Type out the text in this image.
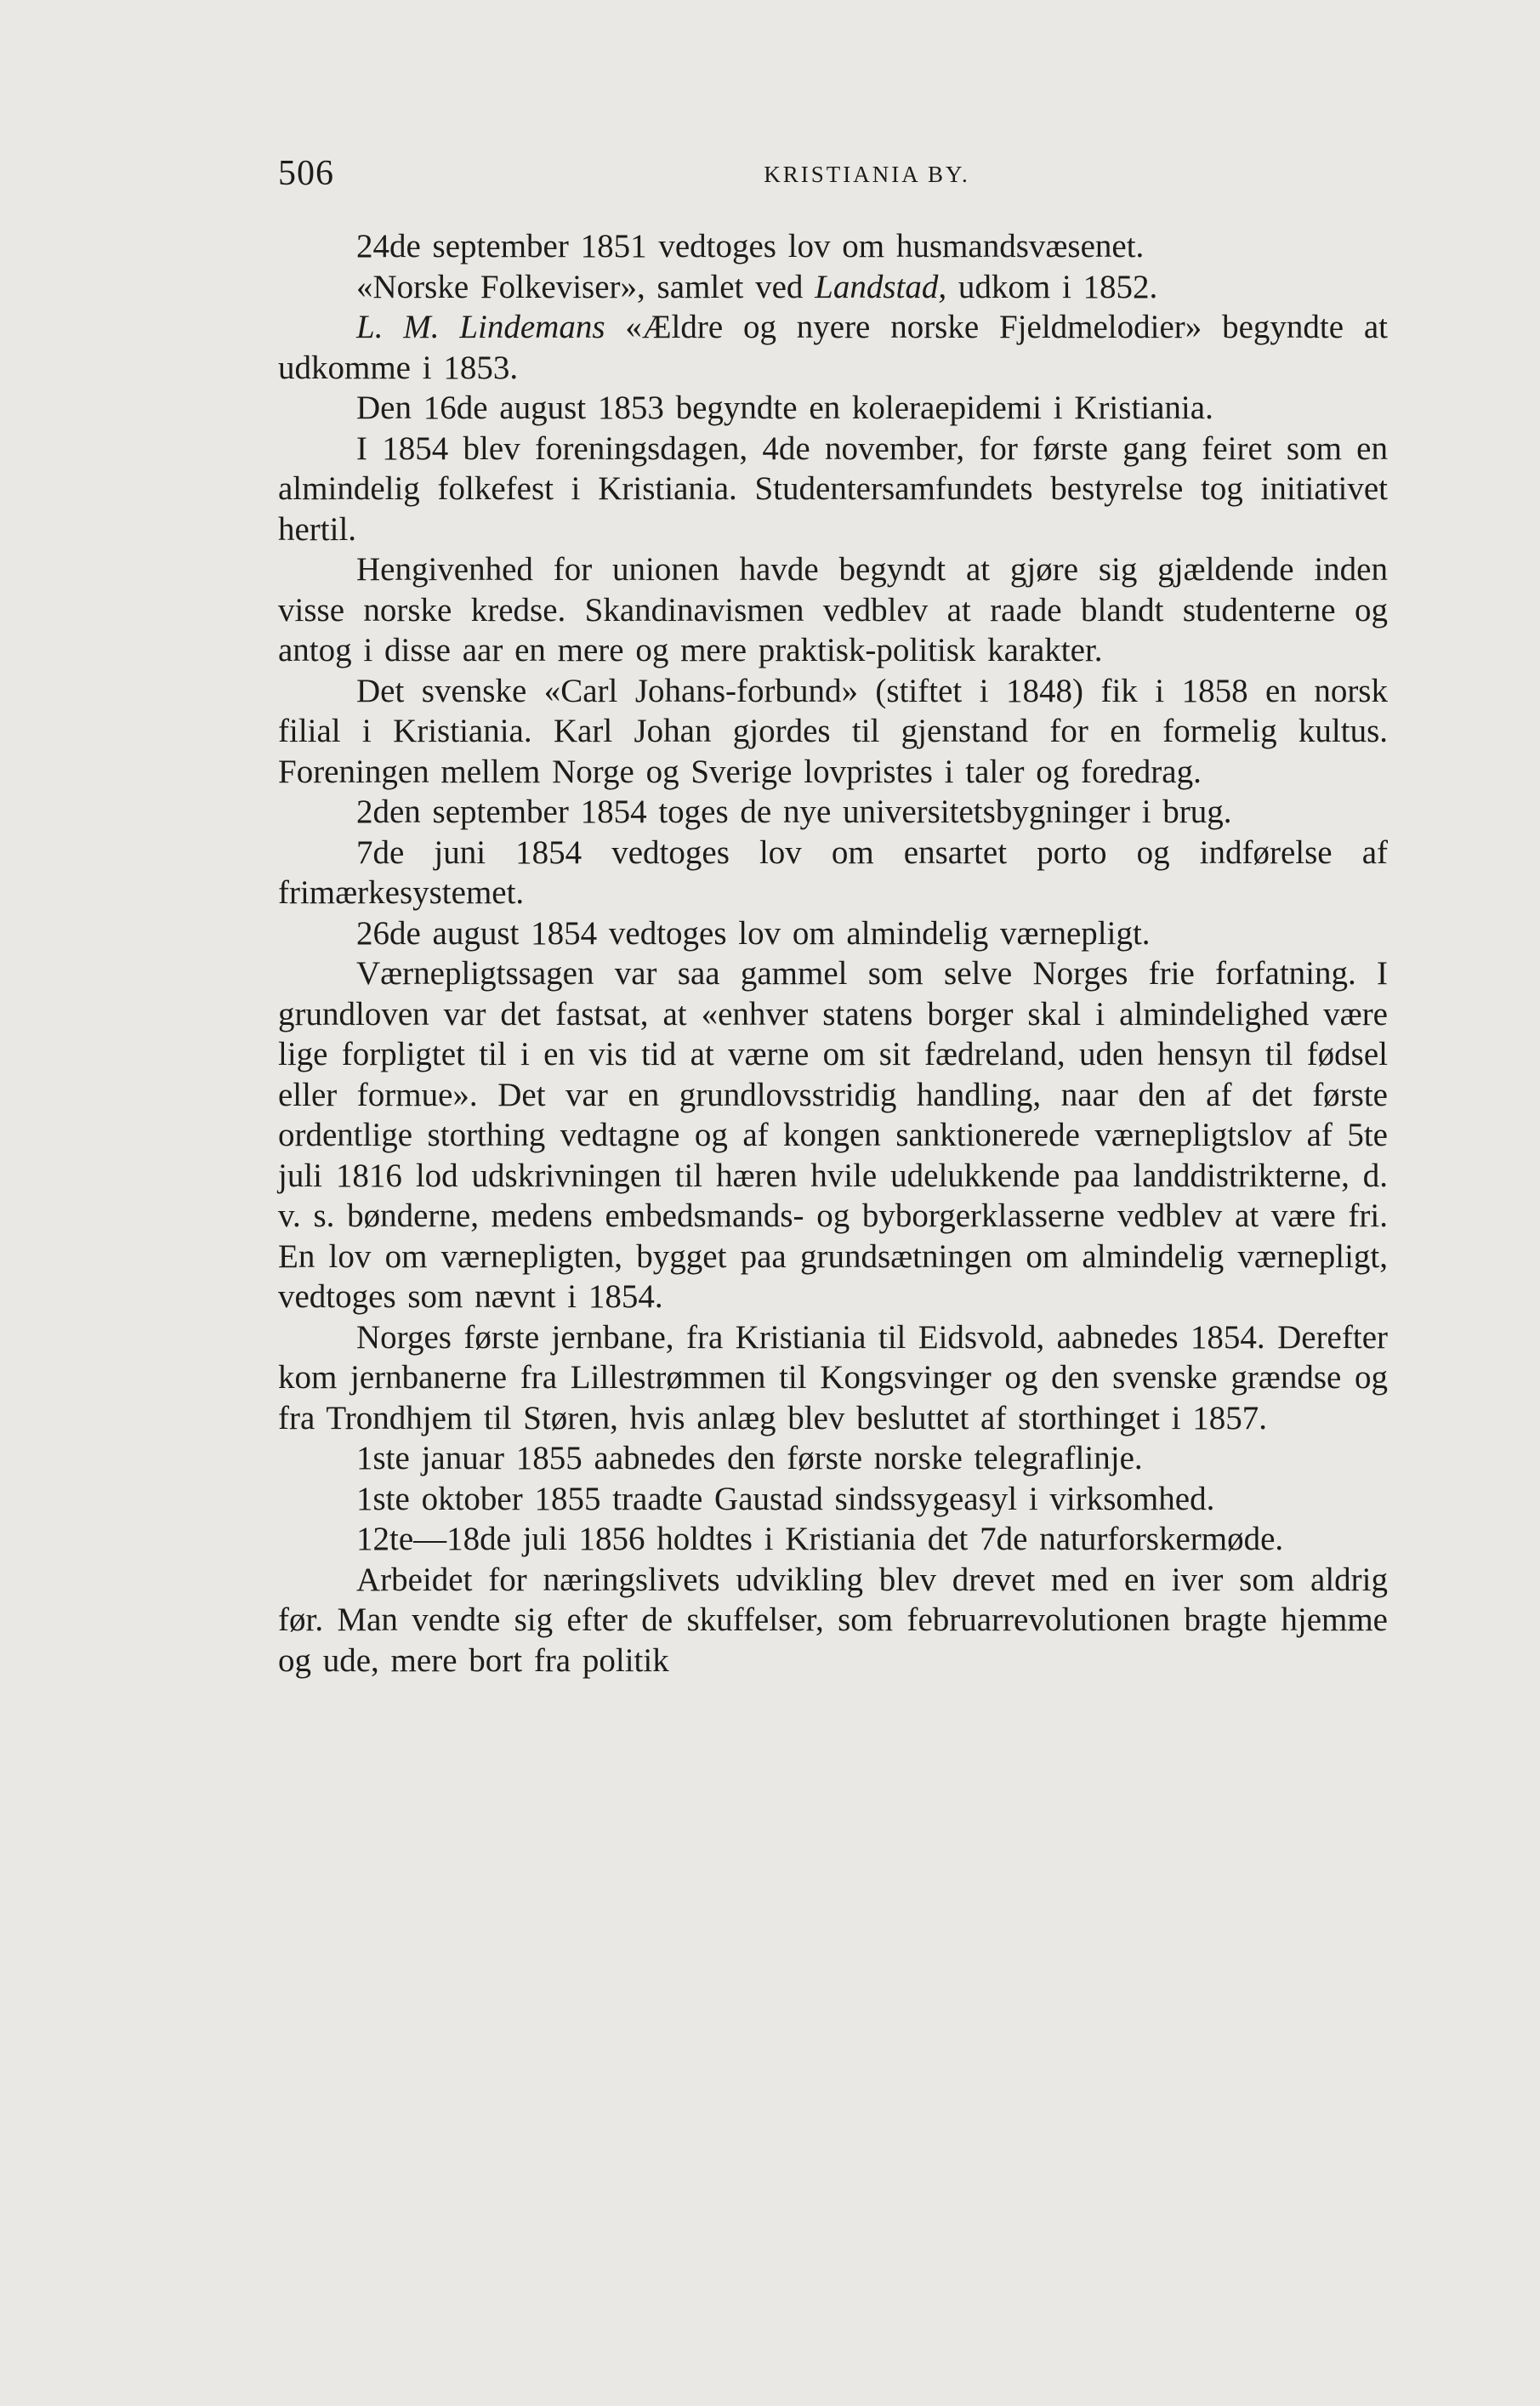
506	KRISTIANIA BY.

24de september 1851 vedtoges lov om husmandsvæsenet.

«Norske Folkeviser», samlet ved Landstad, udkom i 1852.

L. M. Lindemans «Ældre og nyere norske Fjeldmelodier» begyndte at udkomme i 1853.

Den 16de august 1853 begyndte en koleraepidemi i Kristiania.

I 1854 blev foreningsdagen, 4de november, for første gang feiret som en almindelig folkefest i Kristiania. Studentersamfundets bestyrelse tog initiativet hertil.

Hengivenhed for unionen havde begyndt at gjøre sig gjældende inden visse norske kredse. Skandinavismen vedblev at raade blandt studenterne og antog i disse aar en mere og mere praktisk-politisk karakter.

Det svenske «Carl Johans-forbund» (stiftet i 1848) fik i 1858 en norsk filial i Kristiania. Karl Johan gjordes til gjenstand for en formelig kultus. Foreningen mellem Norge og Sverige lovpristes i taler og foredrag.

2den september 1854 toges de nye universitetsbygninger i brug.

7de juni 1854 vedtoges lov om ensartet porto og indførelse af frimærkesystemet.

26de august 1854 vedtoges lov om almindelig værnepligt.

Værnepligtssagen var saa gammel som selve Norges frie forfatning. I grundloven var det fastsat, at «enhver statens borger skal i almindelighed være lige forpligtet til i en vis tid at værne om sit fædreland, uden hensyn til fødsel eller formue». Det var en grundlovsstridig handling, naar den af det første ordentlige storthing vedtagne og af kongen sanktionerede værnepligtslov af 5te juli 1816 lod udskrivningen til hæren hvile udelukkende paa landdistrikterne, d. v. s. bønderne, medens embedsmands- og byborgerklasserne vedblev at være fri. En lov om værnepligten, bygget paa grundsætningen om almindelig værnepligt, vedtoges som nævnt i 1854.

Norges første jernbane, fra Kristiania til Eidsvold, aabnedes 1854. Derefter kom jernbanerne fra Lillestrømmen til Kongsvinger og den svenske grændse og fra Trondhjem til Støren, hvis anlæg blev besluttet af storthinget i 1857.

1ste januar 1855 aabnedes den første norske telegraflinje.

1ste oktober 1855 traadte Gaustad sindssygeasyl i virksomhed.

12te—18de juli 1856 holdtes i Kristiania det 7de naturforskermøde.

Arbeidet for næringslivets udvikling blev drevet med en iver som aldrig før. Man vendte sig efter de skuffelser, som februarrevolutionen bragte hjemme og ude, mere bort fra politik
